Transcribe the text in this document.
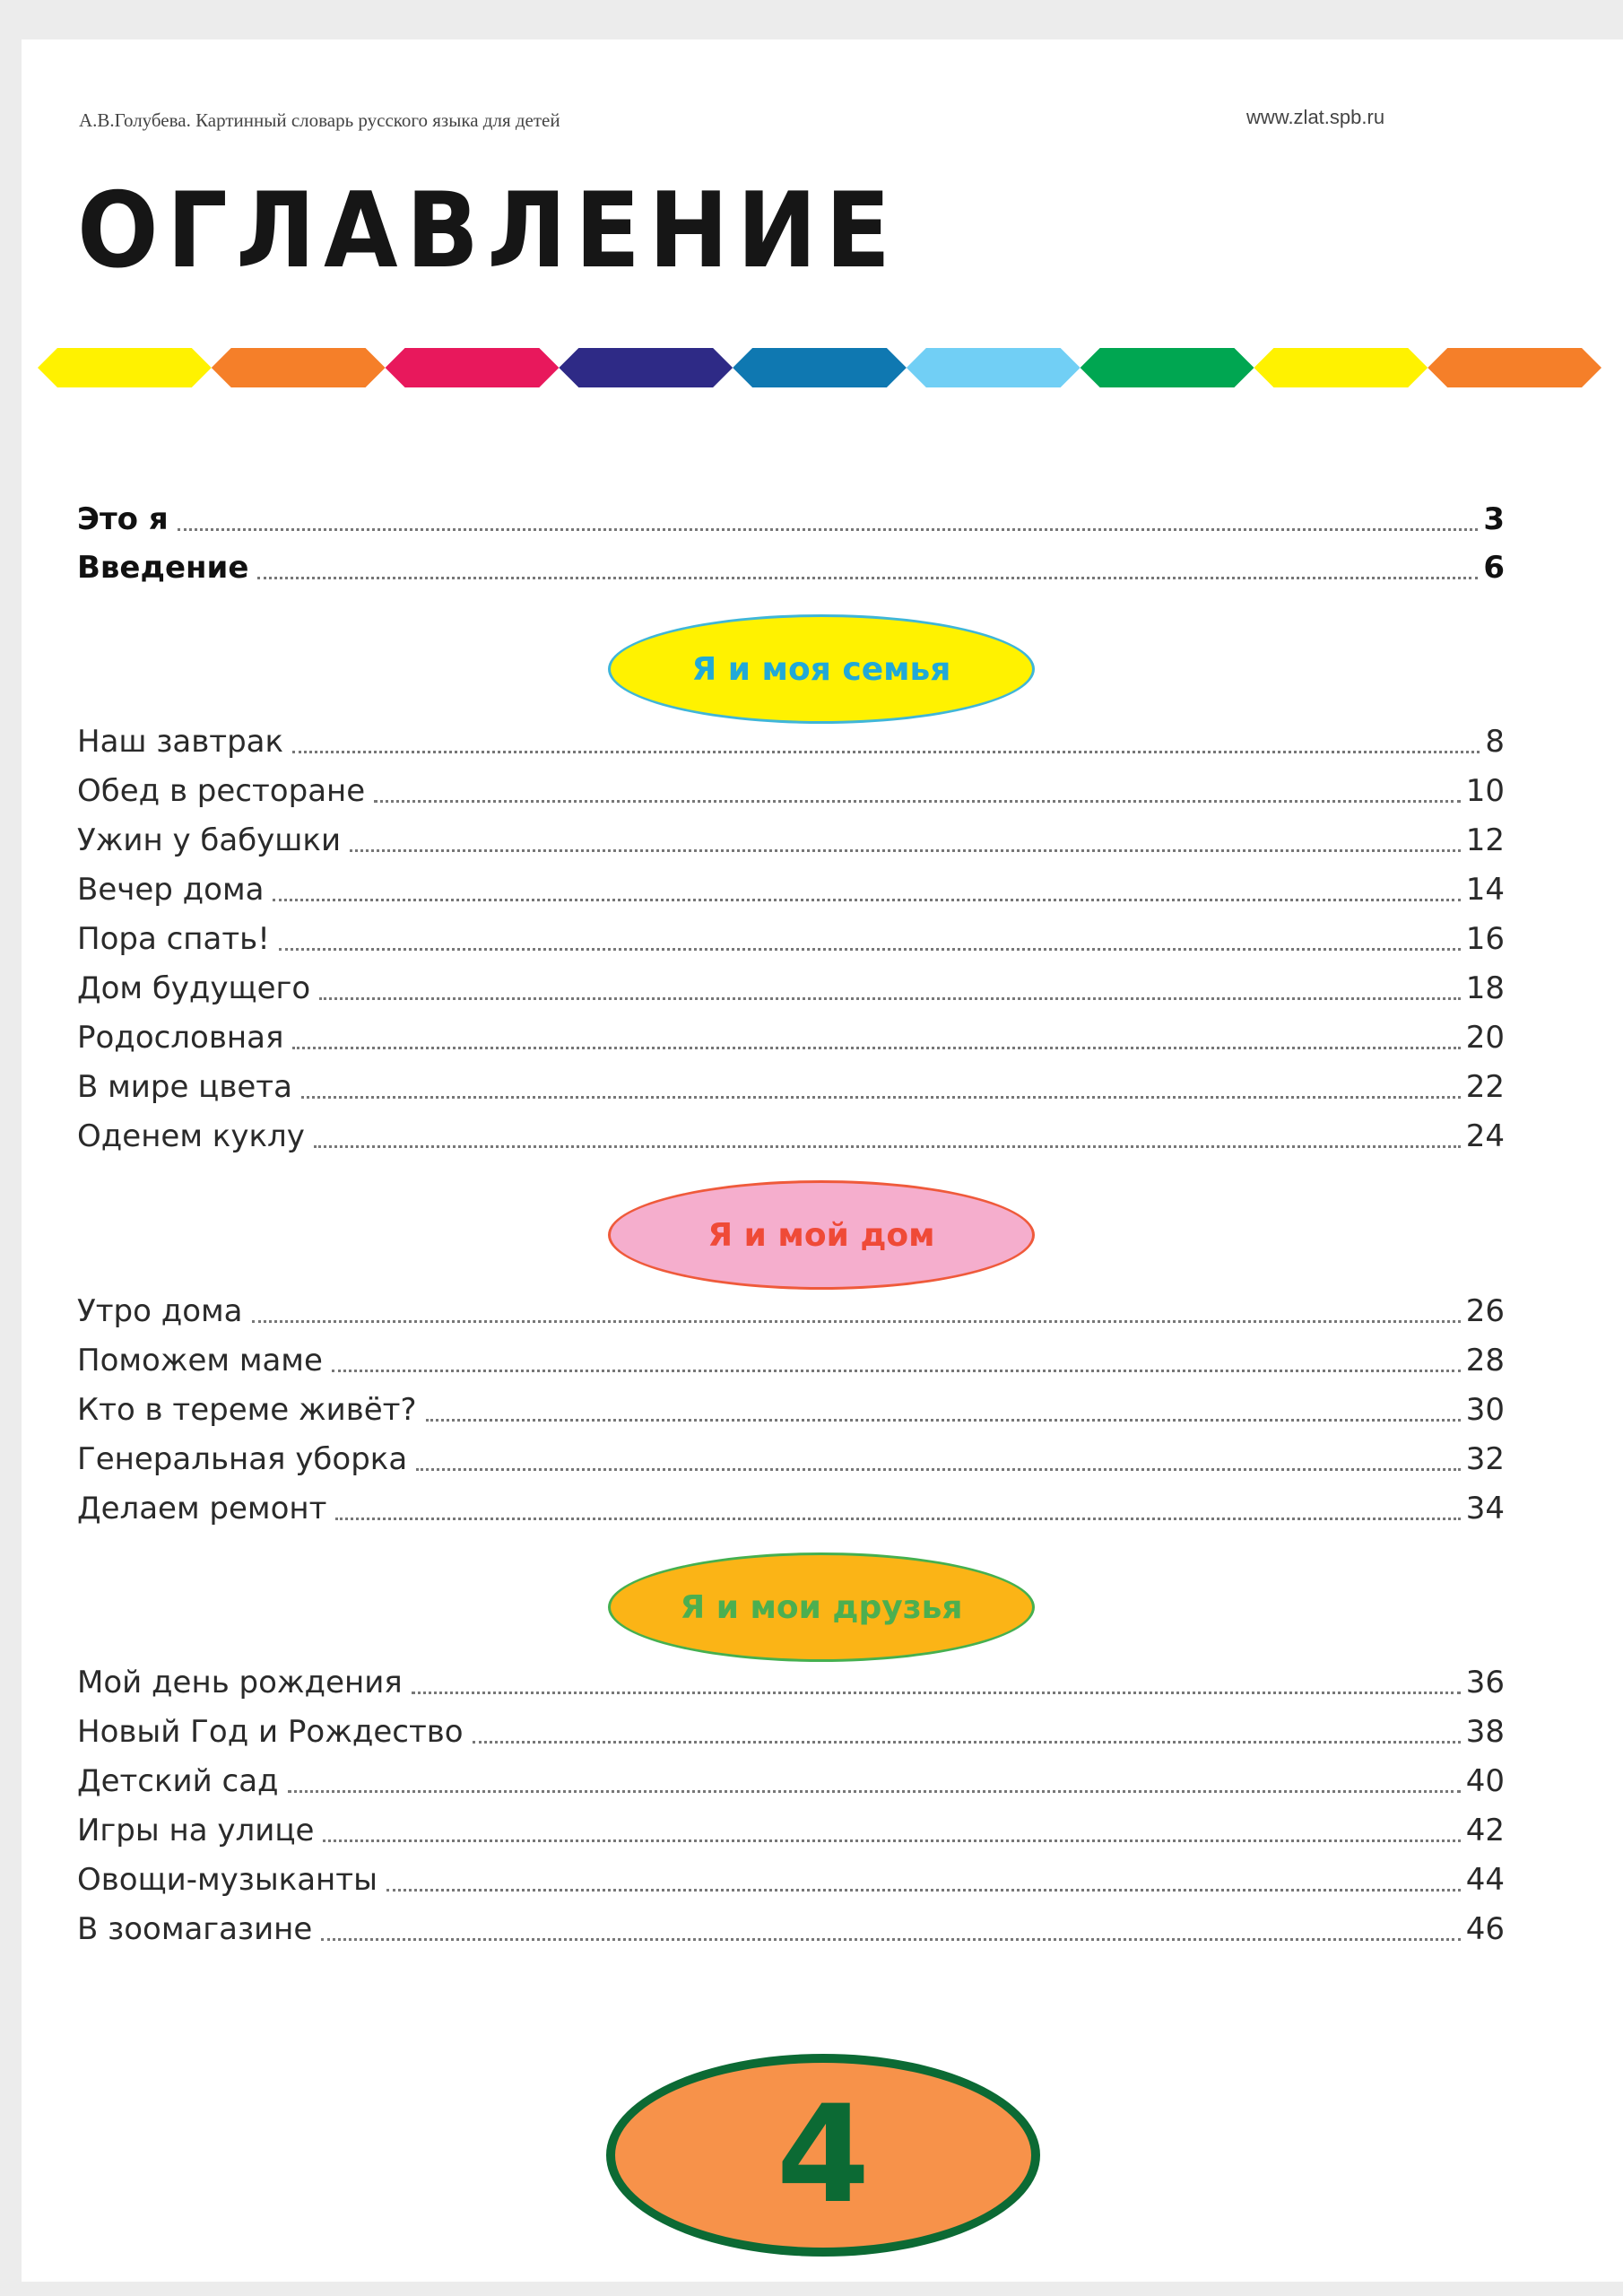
А.В.Голубева. Картинный словарь русского языка для детей	www.zlat.spb.ru
ОГЛАВЛЕНИЕ
Это я	3
Введение	6
Я и моя семья
Наш завтрак	8
Обед в ресторане	10
Ужин у бабушки	12
Вечер дома	14
Пора спать!	16
Дом будущего	18
Родословная	20
В мире цвета	22
Оденем куклу	24
Я и мой дом
Утро дома	26
Поможем маме	28
Кто в тереме живёт?	30
Генеральная уборка	32
Делаем ремонт	34
Я и мои друзья
Мой день рождения	36
Новый Год и Рождество	38
Детский сад	40
Игры на улице	42
Овощи-музыканты	44
В зоомагазине	46
4
